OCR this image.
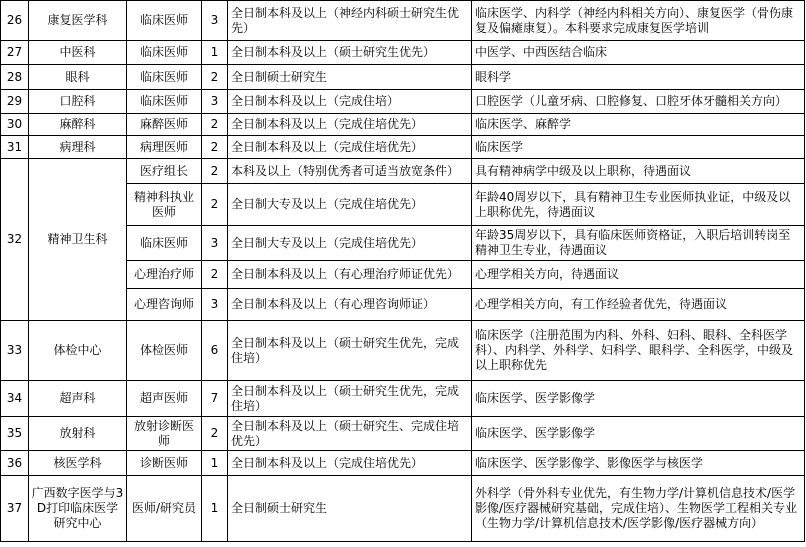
26	康复医学科	临床医师	3	全日制本科及以上（神经内科硕士研究生优先）	临床医学、内科学（神经内科相关方向）、康复医学（骨伤康复及偏瘫康复）。本科要求完成康复医学培训
27	中医科	临床医师	1	全日制本科及以上（硕士研究生优先）	中医学、中西医结合临床
28	眼科	临床医师	2	全日制硕士研究生	眼科学
29	口腔科	临床医师	3	全日制本科及以上（完成住培）	口腔医学（儿童牙病、口腔修复、口腔牙体牙髓相关方向）
30	麻醉科	麻醉医师	2	全日制本科及以上（完成住培优先）	临床医学、麻醉学
31	病理科	病理医师	2	全日制本科及以上（完成住培优先）	临床医学
32	精神卫生科	医疗组长	2	本科及以上（特别优秀者可适当放宽条件）	具有精神病学中级及以上职称，待遇面议
		精神科执业医师	2	全日制大专及以上（完成住培优先）	年龄40周岁以下，具有精神卫生专业医师执业证，中级及以上职称优先，待遇面议
		临床医师	3	全日制大专及以上（完成住培优先）	年龄35周岁以下，具有临床医师资格证，入职后培训转岗至精神卫生专业，待遇面议
		心理治疗师	2	全日制本科及以上（有心理治疗师证优先）	心理学相关方向，待遇面议
		心理咨询师	3	全日制本科及以上（有心理咨询师证）	心理学相关方向，有工作经验者优先，待遇面议
33	体检中心	体检医师	6	全日制本科及以上（硕士研究生优先，完成住培）	临床医学（注册范围为内科、外科、妇科、眼科、全科医学科）、内科学、外科学、妇科学、眼科学、全科医学，中级及以上职称优先
34	超声科	超声医师	7	全日制本科及以上（硕士研究生优先，完成住培）	临床医学、医学影像学
35	放射科	放射诊断医师	2	全日制本科及以上（硕士研究生、完成住培优先）	临床医学、医学影像学
36	核医学科	诊断医师	1	全日制本科及以上（完成住培优先）	临床医学、医学影像学、影像医学与核医学
37	广西数字医学与3D打印临床医学研究中心	医师/研究员	1	全日制硕士研究生	外科学（骨外科专业优先，有生物力学/计算机信息技术/医学影像/医疗器械研究基础，完成住培）、生物医学工程相关专业（生物力学/计算机信息技术/医学影像/医疗器械方向）
